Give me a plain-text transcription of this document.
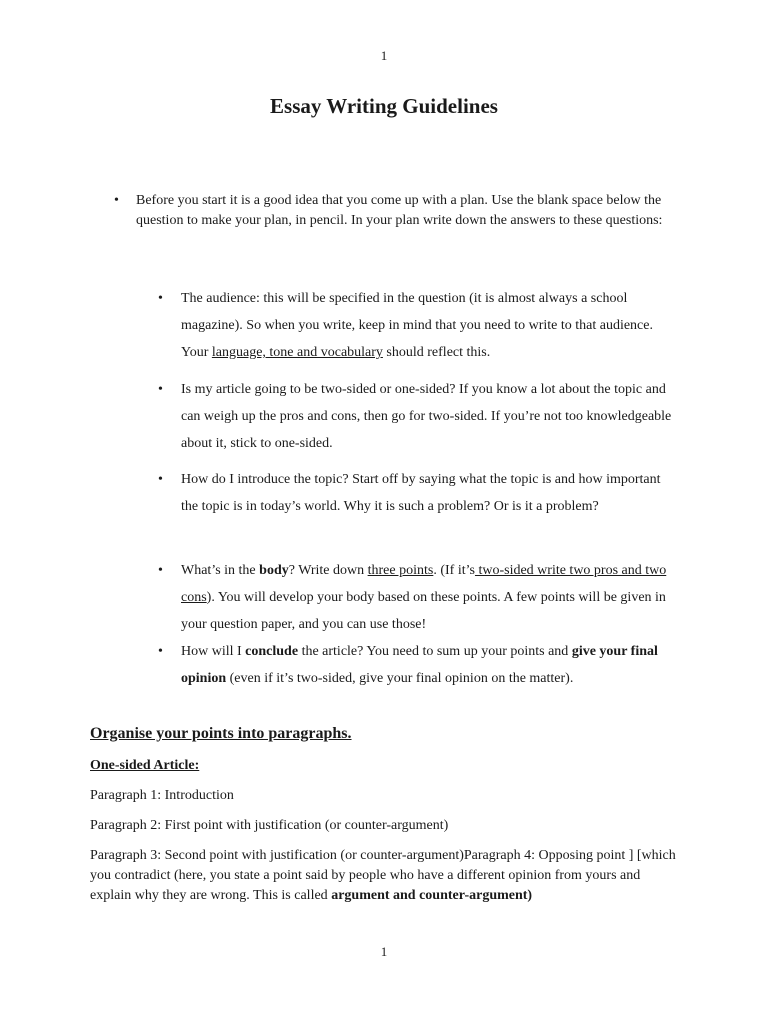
1
Essay Writing Guidelines
• Before you start it is a good idea that you come up with a plan. Use the blank space below the question to make your plan, in pencil. In your plan write down the answers to these questions:
• The audience: this will be specified in the question (it is almost always a school magazine). So when you write, keep in mind that you need to write to that audience. Your language, tone and vocabulary should reflect this.
• Is my article going to be two-sided or one-sided? If you know a lot about the topic and can weigh up the pros and cons, then go for two-sided. If you’re not too knowledgeable about it, stick to one-sided.
• How do I introduce the topic? Start off by saying what the topic is and how important the topic is in today’s world. Why it is such a problem? Or is it a problem?
• What’s in the body? Write down three points. (If it’s two-sided write two pros and two cons). You will develop your body based on these points. A few points will be given in your question paper, and you can use those!
• How will I conclude the article? You need to sum up your points and give your final opinion (even if it’s two-sided, give your final opinion on the matter).
Organise your points into paragraphs.
One-sided Article:

Paragraph 1: Introduction

Paragraph 2: First point with justification (or counter-argument)

Paragraph 3: Second point with justification (or counter-argument)Paragraph 4: Opposing point ] [which you contradict (here, you state a point said by people who have a different opinion from yours and explain why they are wrong. This is called argument and counter-argument)

1
